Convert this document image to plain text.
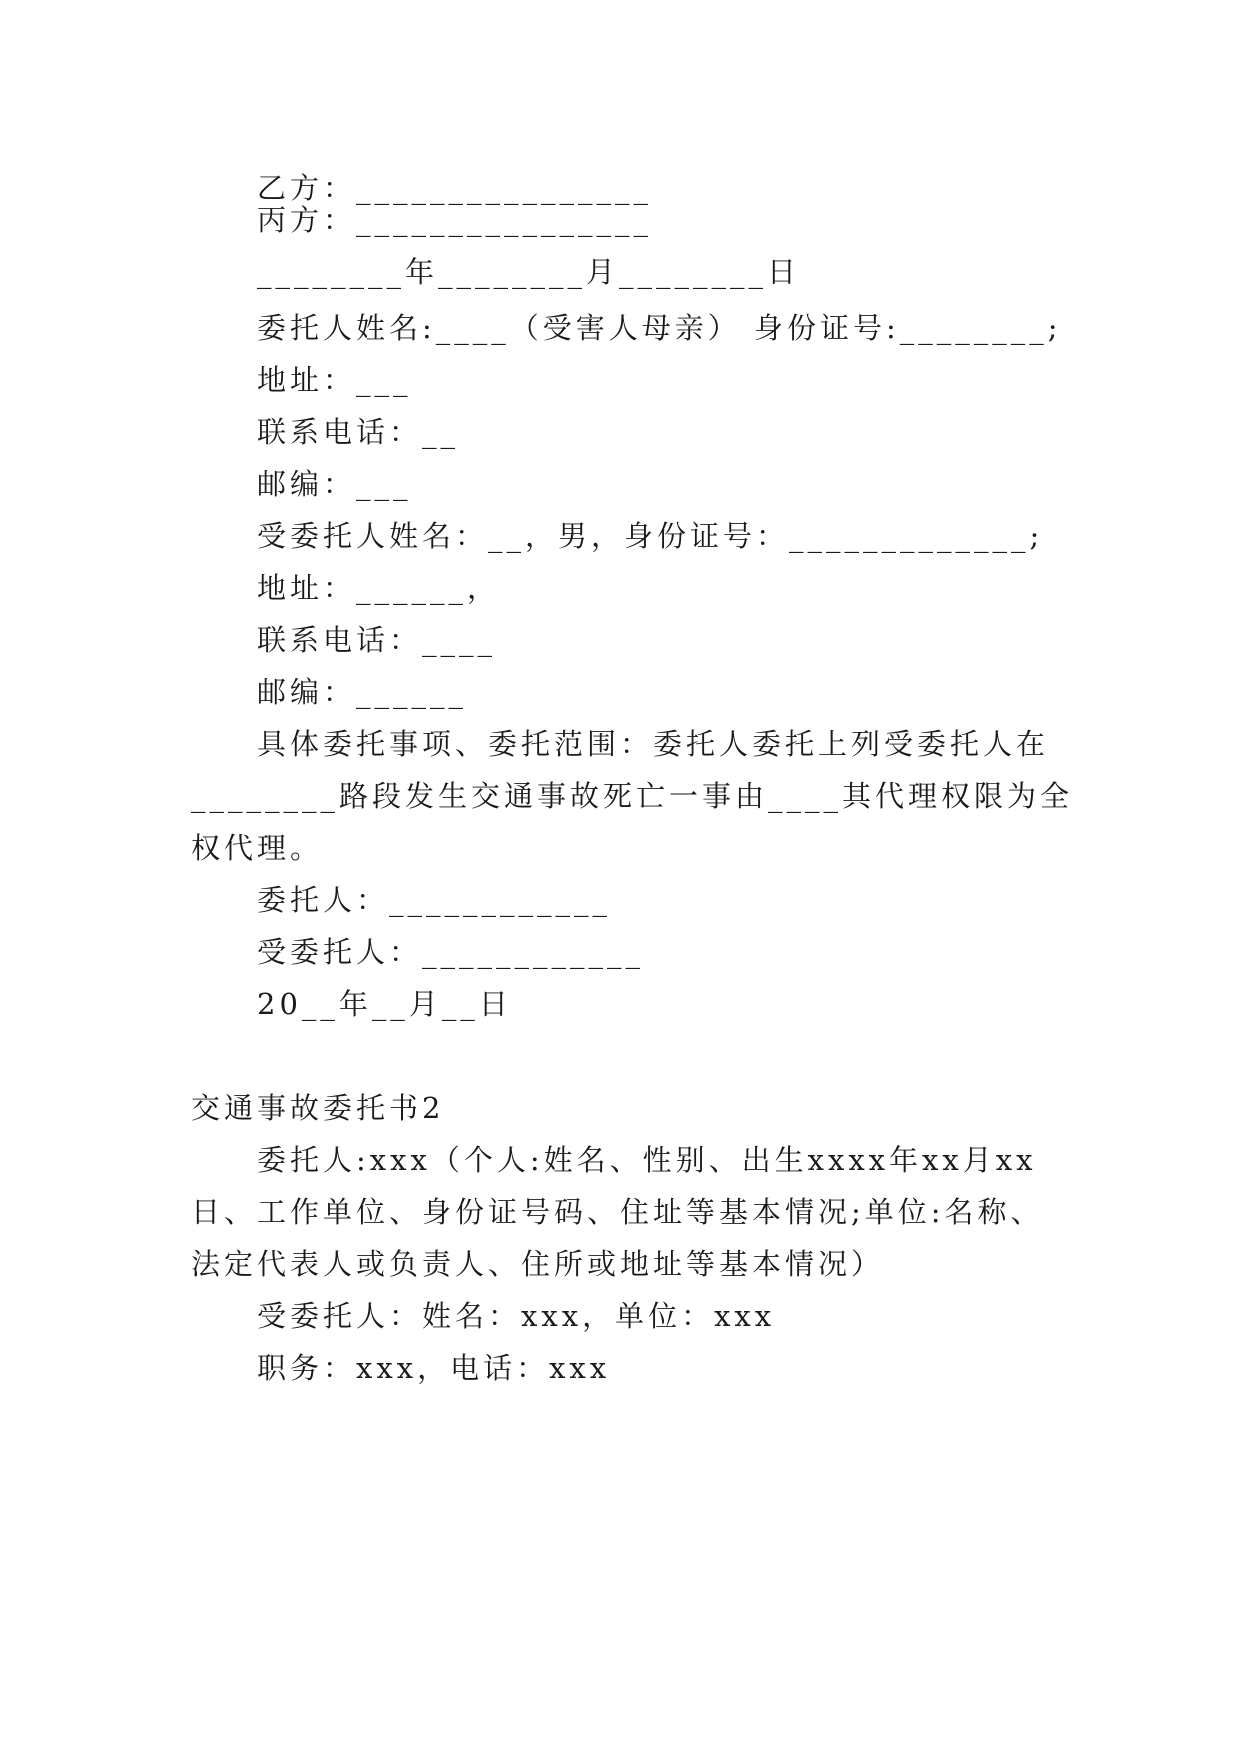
乙方：________________
丙方：________________
________年________月________日
委托人姓名:____（受害人母亲） 身份证号:________;
地址：___
联系电话：__
邮编：___
受委托人姓名：__，男，身份证号：_____________;
地址：______，
联系电话：____
邮编：______
具体委托事项、委托范围：委托人委托上列受委托人在
________路段发生交通事故死亡一事由____其代理权限为全
权代理。
委托人：____________
受委托人：____________
20__年__月__日
交通事故委托书2
委托人:xxx（个人:姓名、性别、出生xxxx年xx月xx
日、工作单位、身份证号码、住址等基本情况;单位:名称、
法定代表人或负责人、住所或地址等基本情况）
受委托人：姓名：xxx，单位：xxx
职务：xxx，电话：xxx
